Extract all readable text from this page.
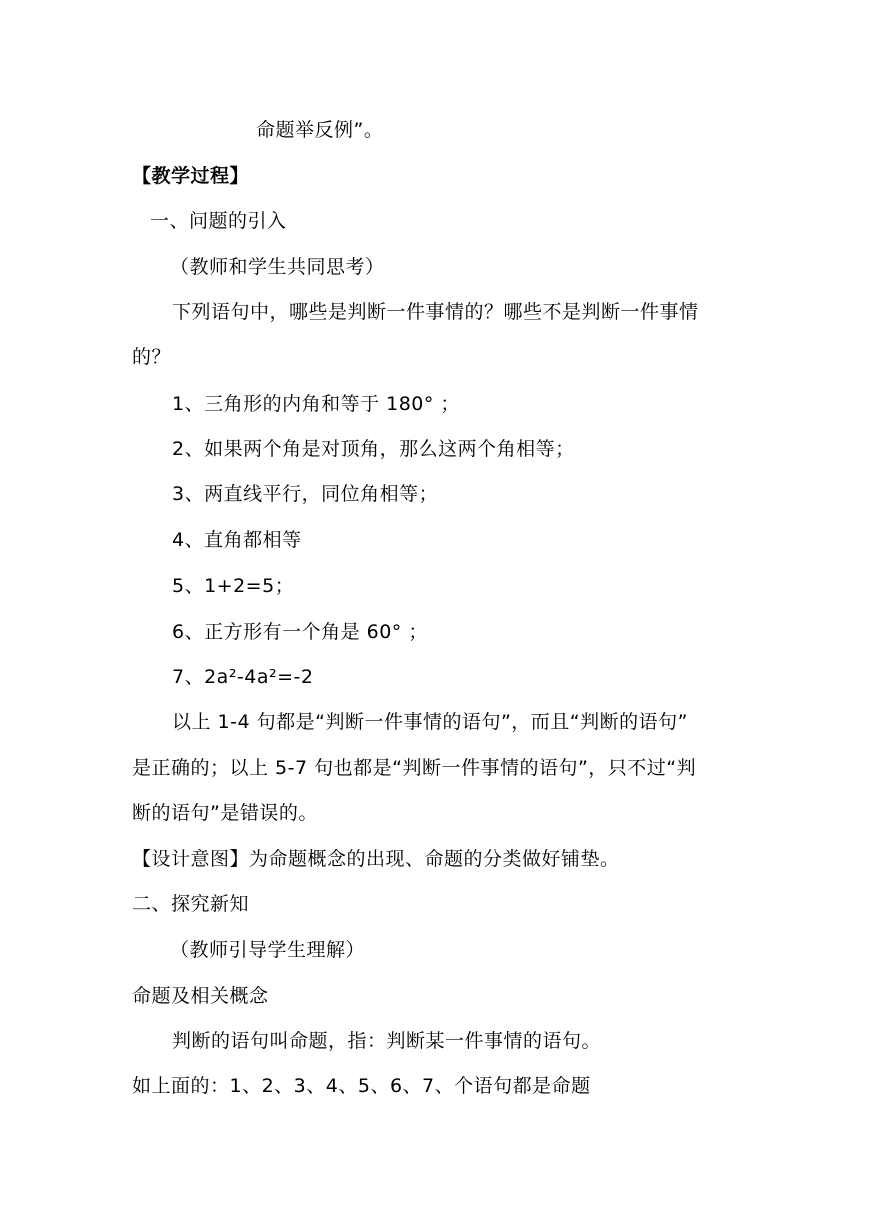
命题举反例”。
【教学过程】
一、问题的引入
（教师和学生共同思考）
下列语句中，哪些是判断一件事情的？哪些不是判断一件事情
的？
1、三角形的内角和等于 180° ；
2、如果两个角是对顶角，那么这两个角相等；
3、两直线平行，同位角相等；
4、直角都相等
5、1+2=5；
6、正方形有一个角是 60° ；
7、2a²-4a²=-2
以上 1-4 句都是“判断一件事情的语句”，而且“判断的语句”
是正确的；以上 5-7 句也都是“判断一件事情的语句”，只不过“判
断的语句”是错误的。
【设计意图】为命题概念的出现、命题的分类做好铺垫。
二、探究新知
（教师引导学生理解）
命题及相关概念
判断的语句叫命题，指：判断某一件事情的语句。
如上面的：1、2、3、4、5、6、7、个语句都是命题
